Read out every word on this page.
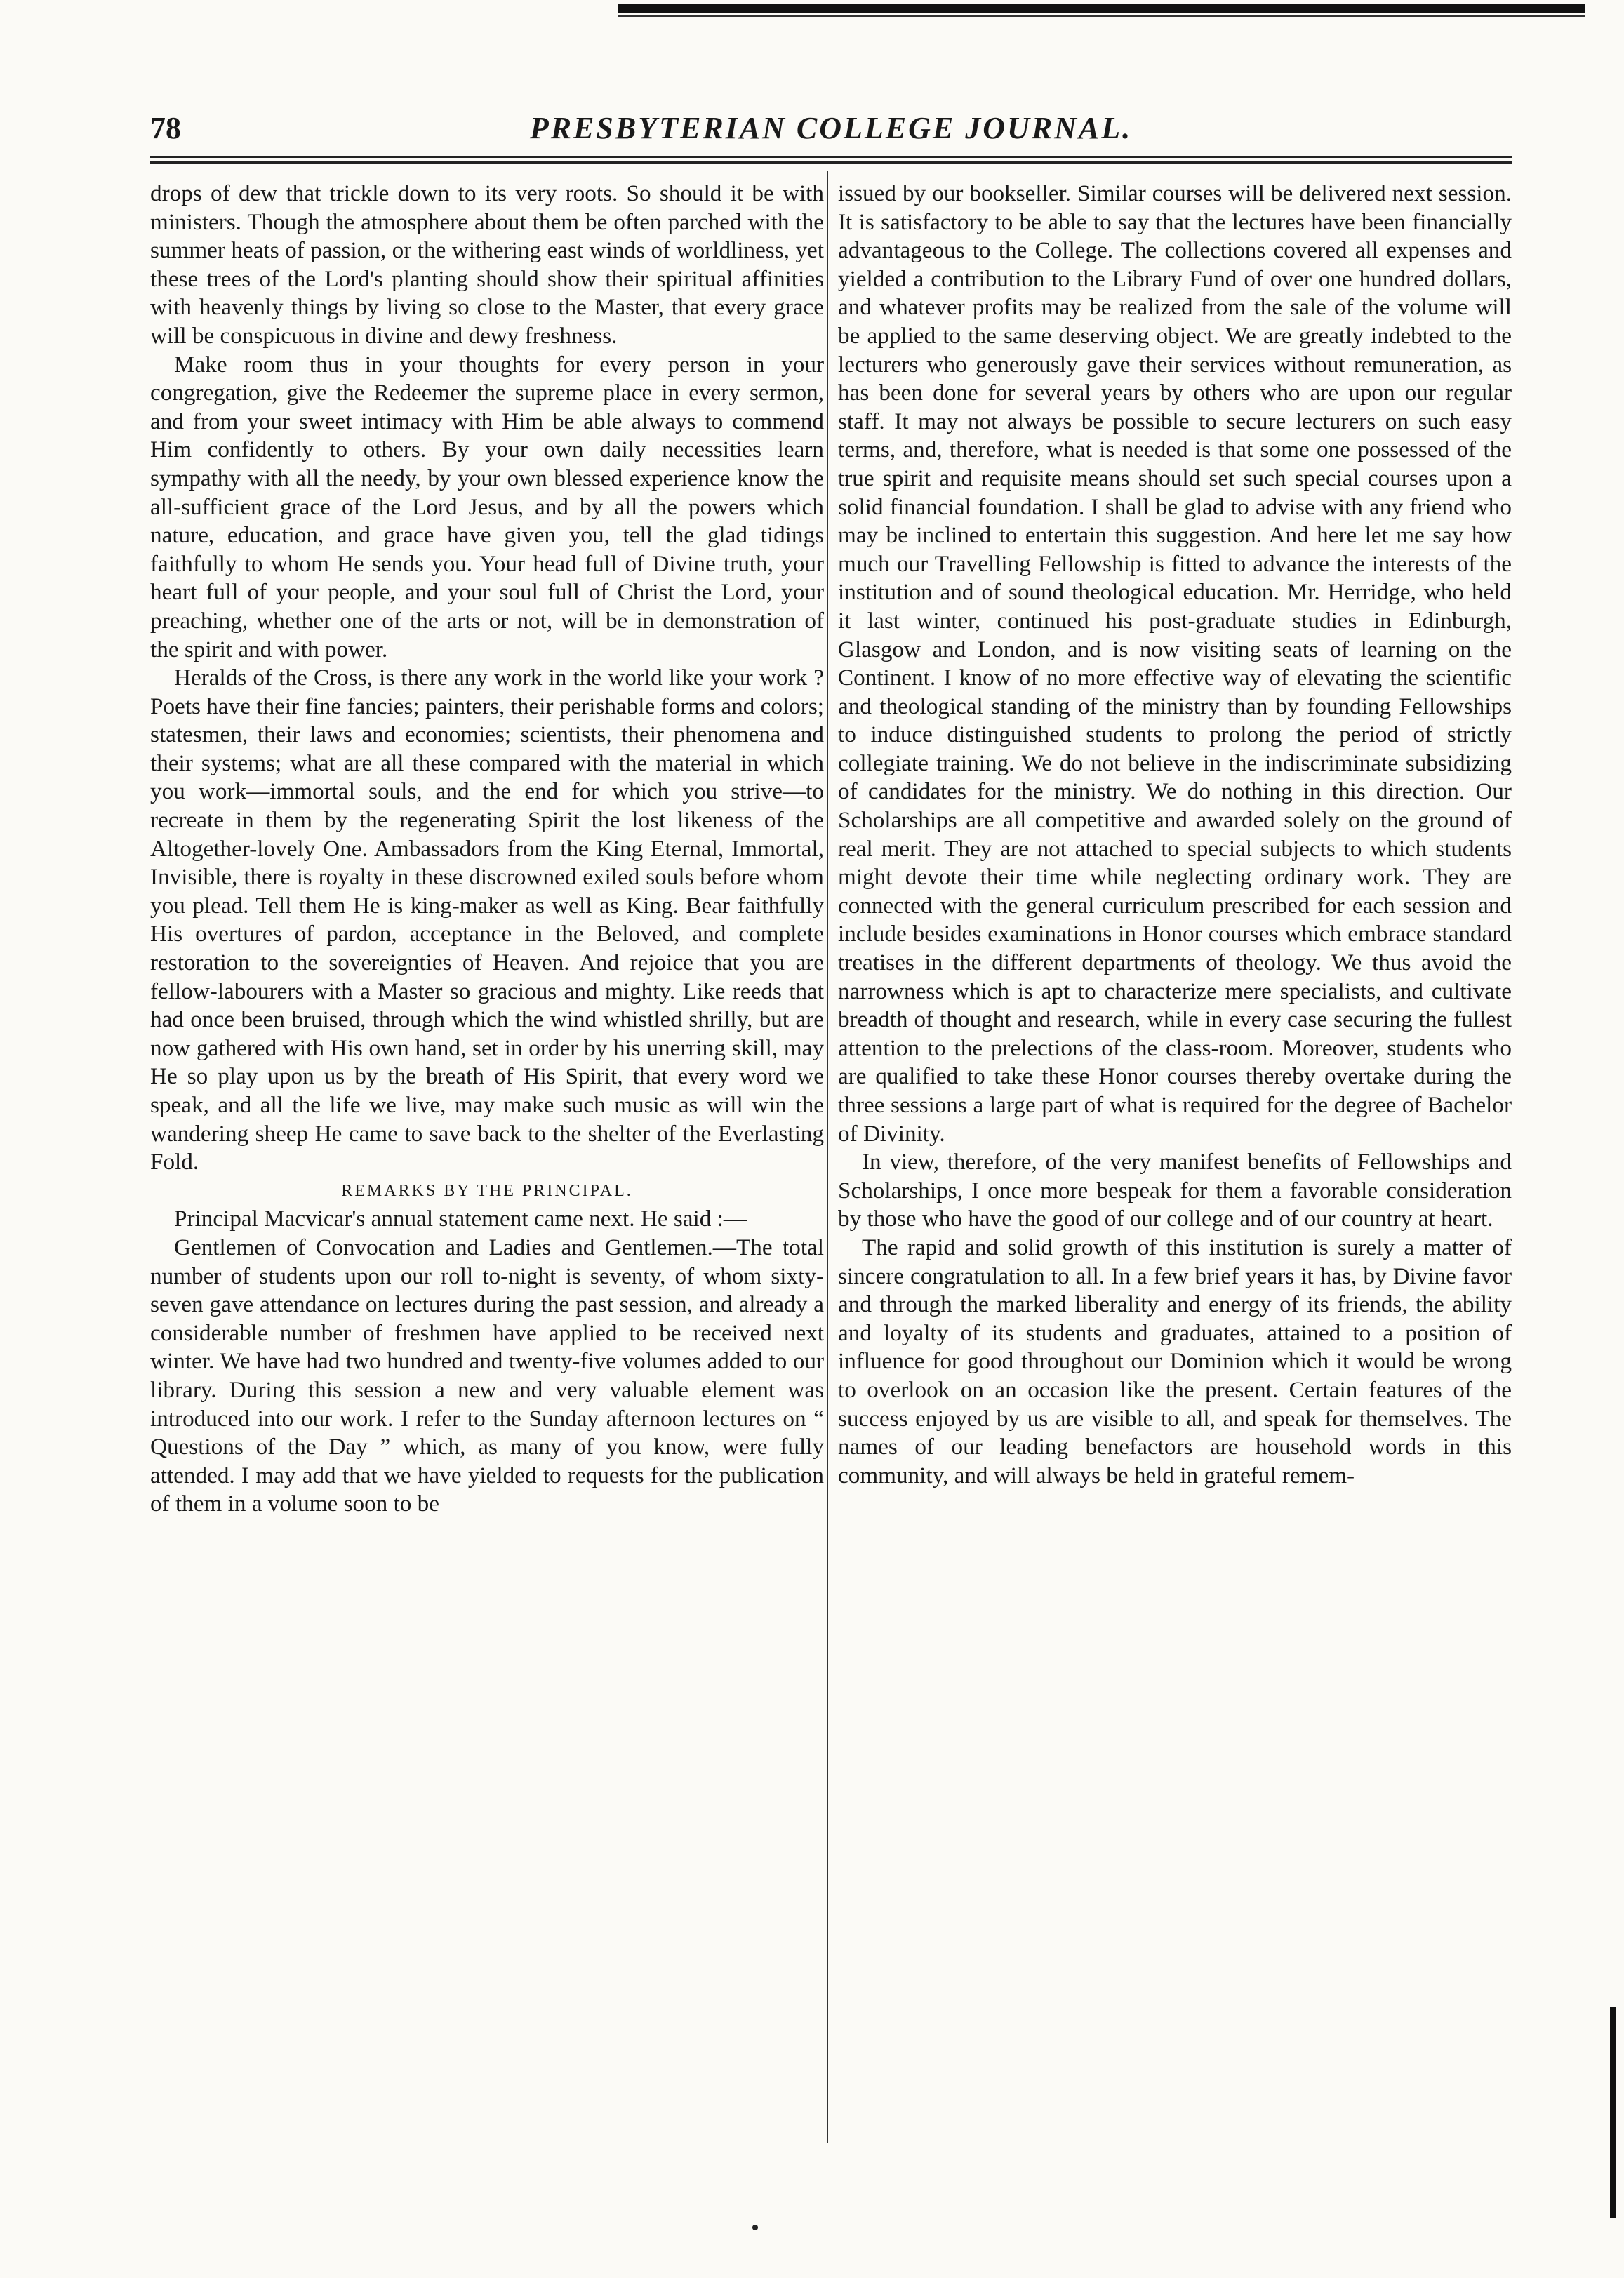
78	PRESBYTERIAN COLLEGE JOURNAL.

drops of dew that trickle down to its very roots. So should it be with ministers. Though the atmosphere about them be often parched with the summer heats of passion, or the withering east winds of worldliness, yet these trees of the Lord's planting should show their spiritual affinities with heavenly things by living so close to the Master, that every grace will be conspicuous in divine and dewy freshness.

Make room thus in your thoughts for every person in your congregation, give the Redeemer the supreme place in every sermon, and from your sweet intimacy with Him be able always to commend Him confidently to others. By your own daily necessities learn sympathy with all the needy, by your own blessed experience know the all-sufficient grace of the Lord Jesus, and by all the powers which nature, education, and grace have given you, tell the glad tidings faithfully to whom He sends you. Your head full of Divine truth, your heart full of your people, and your soul full of Christ the Lord, your preaching, whether one of the arts or not, will be in demonstration of the spirit and with power.

Heralds of the Cross, is there any work in the world like your work ? Poets have their fine fancies; painters, their perishable forms and colors; statesmen, their laws and economies; scientists, their phenomena and their systems; what are all these compared with the material in which you work—immortal souls, and the end for which you strive—to recreate in them by the regenerating Spirit the lost likeness of the Altogether-lovely One. Ambassadors from the King Eternal, Immortal, Invisible, there is royalty in these discrowned exiled souls before whom you plead. Tell them He is king-maker as well as King. Bear faithfully His overtures of pardon, acceptance in the Beloved, and complete restoration to the sovereignties of Heaven. And rejoice that you are fellow-labourers with a Master so gracious and mighty. Like reeds that had once been bruised, through which the wind whistled shrilly, but are now gathered with His own hand, set in order by his unerring skill, may He so play upon us by the breath of His Spirit, that every word we speak, and all the life we live, may make such music as will win the wandering sheep He came to save back to the shelter of the Everlasting Fold.

REMARKS BY THE PRINCIPAL.

Principal Macvicar's annual statement came next. He said :—

Gentlemen of Convocation and Ladies and Gentlemen.—The total number of students upon our roll to-night is seventy, of whom sixty-seven gave attendance on lectures during the past session, and already a considerable number of freshmen have applied to be received next winter. We have had two hundred and twenty-five volumes added to our library. During this session a new and very valuable element was introduced into our work. I refer to the Sunday afternoon lectures on “ Questions of the Day ” which, as many of you know, were fully attended. I may add that we have yielded to requests for the publication of them in a volume soon to be

issued by our bookseller. Similar courses will be delivered next session. It is satisfactory to be able to say that the lectures have been financially advantageous to the College. The collections covered all expenses and yielded a contribution to the Library Fund of over one hundred dollars, and whatever profits may be realized from the sale of the volume will be applied to the same deserving object. We are greatly indebted to the lecturers who generously gave their services without remuneration, as has been done for several years by others who are upon our regular staff. It may not always be possible to secure lecturers on such easy terms, and, therefore, what is needed is that some one possessed of the true spirit and requisite means should set such special courses upon a solid financial foundation. I shall be glad to advise with any friend who may be inclined to entertain this suggestion. And here let me say how much our Travelling Fellowship is fitted to advance the interests of the institution and of sound theological education. Mr. Herridge, who held it last winter, continued his post-graduate studies in Edinburgh, Glasgow and London, and is now visiting seats of learning on the Continent. I know of no more effective way of elevating the scientific and theological standing of the ministry than by founding Fellowships to induce distinguished students to prolong the period of strictly collegiate training. We do not believe in the indiscriminate subsidizing of candidates for the ministry. We do nothing in this direction. Our Scholarships are all competitive and awarded solely on the ground of real merit. They are not attached to special subjects to which students might devote their time while neglecting ordinary work. They are connected with the general curriculum prescribed for each session and include besides examinations in Honor courses which embrace standard treatises in the different departments of theology. We thus avoid the narrowness which is apt to characterize mere specialists, and cultivate breadth of thought and research, while in every case securing the fullest attention to the prelections of the class-room. Moreover, students who are qualified to take these Honor courses thereby overtake during the three sessions a large part of what is required for the degree of Bachelor of Divinity.

In view, therefore, of the very manifest benefits of Fellowships and Scholarships, I once more bespeak for them a favorable consideration by those who have the good of our college and of our country at heart.

The rapid and solid growth of this institution is surely a matter of sincere congratulation to all. In a few brief years it has, by Divine favor and through the marked liberality and energy of its friends, the ability and loyalty of its students and graduates, attained to a position of influence for good throughout our Dominion which it would be wrong to overlook on an occasion like the present. Certain features of the success enjoyed by us are visible to all, and speak for themselves. The names of our leading benefactors are household words in this community, and will always be held in grateful remem-
